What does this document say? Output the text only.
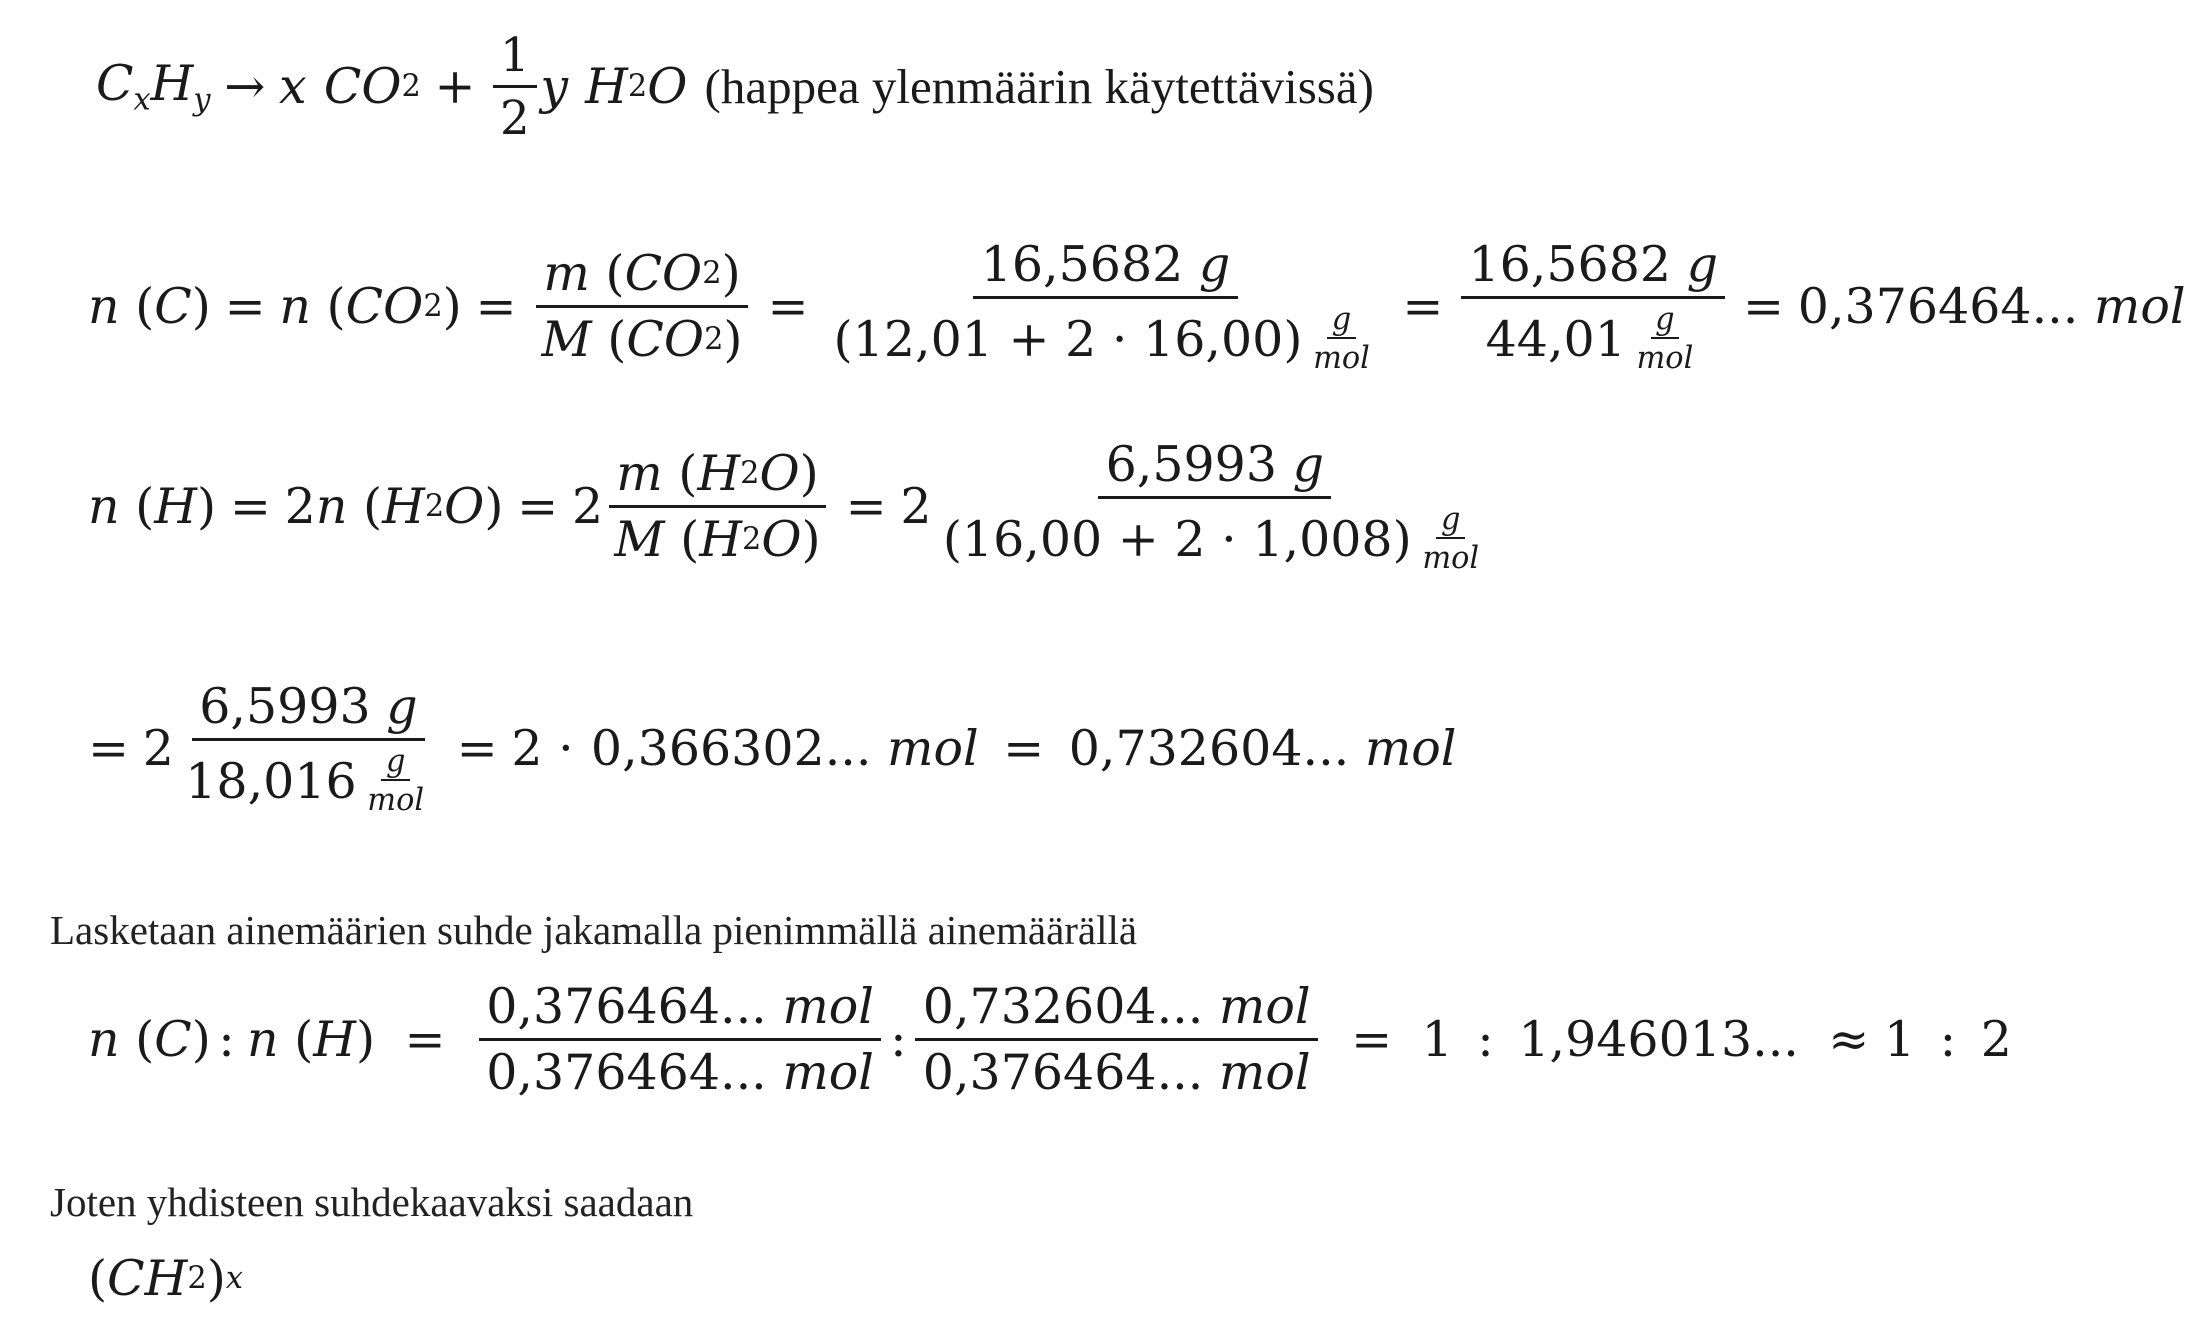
$C_xH_y \to x$ CO $2 + \frac{1}{2}$ y H 2 O (happea ylenmäärin käytettävissä)
n ( C ) = n ( CO 2 ) = $\frac{m ( CO 2 )}{M ( CO 2 )} = 16,5682$
g
$(12,01 + 2 \cdot 16,00) \frac{g}{\text{mol}} = 16,5682$
g
$44,01 \frac{g}{\text{mol}} = 0,376464$...
mol
n ( H ) = 2 n ( H 2 O ) = $2 \frac{m ( H 2 O )}{M ( H 2 O )} = 2$ 6,5993
g
$(16,00 + 2 \cdot 1,008) \frac{g}{\text{mol}}$
= 2 6,5993
g
$18,016 \frac{g}{\text{mol}} = 2 \cdot 0,366302$...
mol = 0,732604...
mol
Lasketaan ainemäärien suhde jakamalla pienimmällä ainemäärällä
n ( C ) : n ( H ) = 0,376464...
mol
0,376464...
mol : 0,732604...
mol
0,376464...
mol = 1 : 1,946013... ≈ 1 : 2
Joten yhdisteen suhdekaavaksi saadaan
( CH 2 ) x
